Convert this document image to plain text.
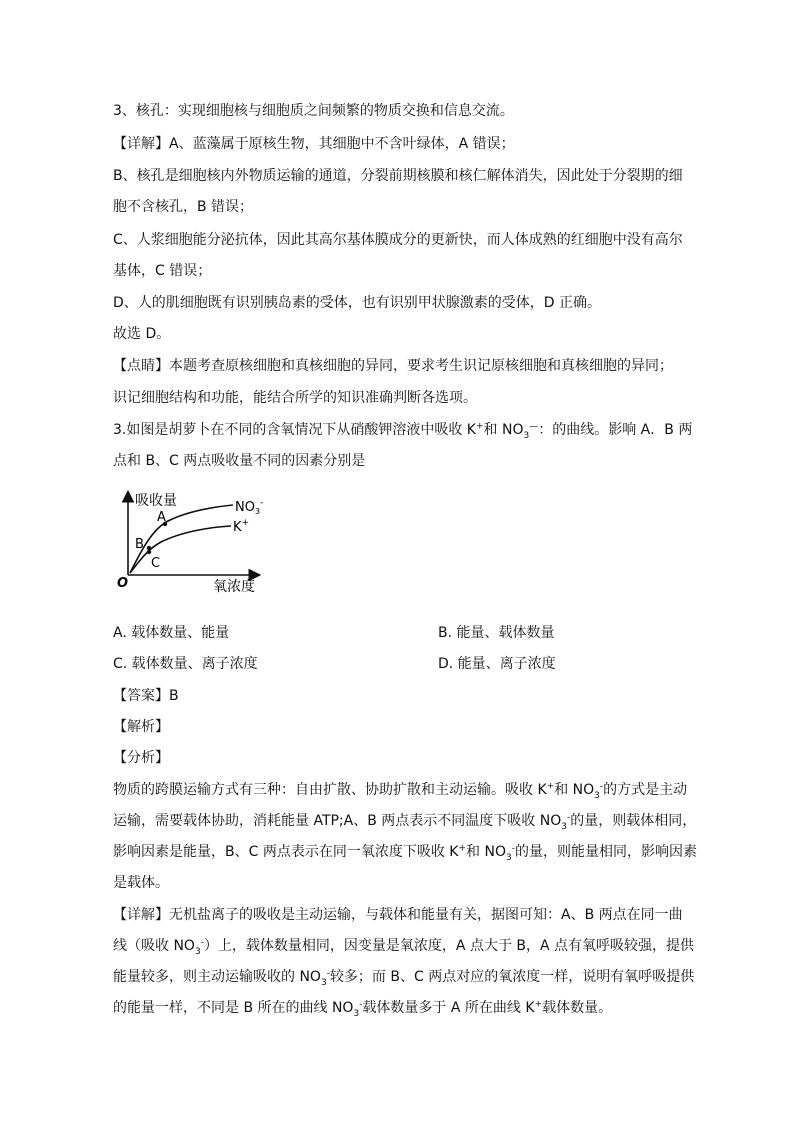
3、核孔：实现细胞核与细胞质之间频繁的物质交换和信息交流。
【详解】A、蓝藻属于原核生物，其细胞中不含叶绿体，A 错误；
B、核孔是细胞核内外物质运输的通道，分裂前期核膜和核仁解体消失，因此处于分裂期的细
胞不含核孔，B 错误；
C、人浆细胞能分泌抗体，因此其高尔基体膜成分的更新快，而人体成熟的红细胞中没有高尔
基体，C 错误；
D、人的肌细胞既有识别胰岛素的受体，也有识别甲状腺激素的受体，D 正确。
故选 D。
【点睛】本题考查原核细胞和真核细胞的异同，要求考生识记原核细胞和真核细胞的异同；
识记细胞结构和功能，能结合所学的知识准确判断各选项。
3.如图是胡萝卜在不同的含氧情况下从硝酸钾溶液中吸收 K+和 $NO_3^—$：的曲线。影响 A．B 两
点和 B、C 两点吸收量不同的因素分别是
吸收量
氧浓度
O
A
B
C
$NO_3^-$
K+
A. 载体数量、能量	B. 能量、载体数量
C. 载体数量、离子浓度	D. 能量、离子浓度
【答案】B
【解析】
【分析】
物质的跨膜运输方式有三种：自由扩散、协助扩散和主动运输。吸收 K+和 $NO_3^-$的方式是主动
运输，需要载体协助，消耗能量 ATP;A、B 两点表示不同温度下吸收 $NO_3^-$的量，则载体相同，
影响因素是能量，B、C 两点表示在同一氧浓度下吸收 K+和 $NO_3^-$的量，则能量相同，影响因素
是载体。
【详解】无机盐离子的吸收是主动运输，与载体和能量有关，据图可知：A、B 两点在同一曲
线（吸收 $NO_3^-$）上，载体数量相同，因变量是氧浓度，A 点大于 B，A 点有氧呼吸较强，提供
能量较多，则主动运输吸收的 $NO_3^-$较多；而 B、C 两点对应的氧浓度一样，说明有氧呼吸提供
的能量一样，不同是 B 所在的曲线 $NO_3^-$载体数量多于 A 所在曲线 K+载体数量。
